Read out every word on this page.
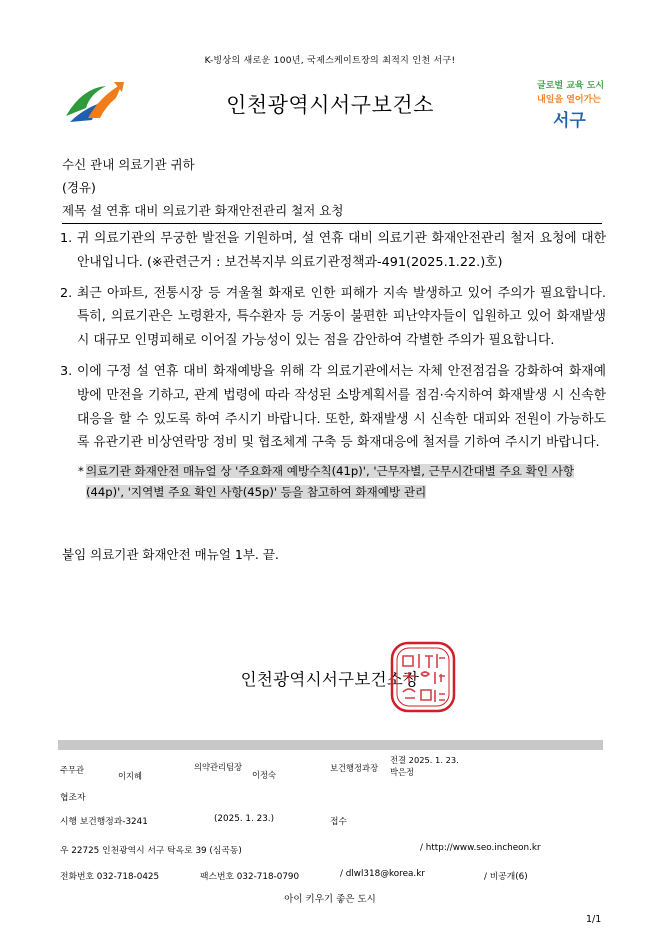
K-빙상의 새로운 100년, 국제스케이트장의 최적지 인천 서구!
인천광역시서구보건소
글로벌 교육 도시
내일을 열어가는
서구
수신 관내 의료기관 귀하
(경유)
제목 설 연휴 대비 의료기관 화재안전관리 철저 요청
1. 귀 의료기관의 무궁한 발전을 기원하며, 설 연휴 대비 의료기관 화재안전관리 철저 요청에 대한 안내입니다. (※관련근거 : 보건복지부 의료기관정책과-491(2025.1.22.)호)
2. 최근 아파트, 전통시장 등 겨울철 화재로 인한 피해가 지속 발생하고 있어 주의가 필요합니다. 특히, 의료기관은 노령환자, 특수환자 등 거동이 불편한 피난약자들이 입원하고 있어 화재발생 시 대규모 인명피해로 이어질 가능성이 있는 점을 감안하여 각별한 주의가 필요합니다.
3. 이에 구정 설 연휴 대비 화재예방을 위해 각 의료기관에서는 자체 안전점검을 강화하여 화재예방에 만전을 기하고, 관계 법령에 따라 작성된 소방계획서를 점검·숙지하여 화재발생 시 신속한 대응을 할 수 있도록 하여 주시기 바랍니다. 또한, 화재발생 시 신속한 대피와 전원이 가능하도록 유관기관 비상연락망 정비 및 협조체계 구축 등 화재대응에 철저를 기하여 주시기 바랍니다.
* 의료기관 화재안전 매뉴얼 상 '주요화재 예방수칙(41p)', '근무자별, 근무시간대별 주요 확인 사항(44p)', '지역별 주요 확인 사항(45p)' 등을 참고하여 화재예방 관리
붙임 의료기관 화재안전 매뉴얼 1부. 끝.
인천광역시서구보건소장
주무관
이지혜
의약관리팀장
이정숙
보건행정과장
전결 2025. 1. 23.
박은정
협조자
시행 보건행정과-3241	(2025. 1. 23.)	접수
우 22725 인천광역시 서구 탁옥로 39 (심곡동)	/ http://www.seo.incheon.kr
전화번호 032-718-0425	팩스번호 032-718-0790	/ dlwl318@korea.kr	/ 비공개(6)
아이 키우기 좋은 도시
1/1
